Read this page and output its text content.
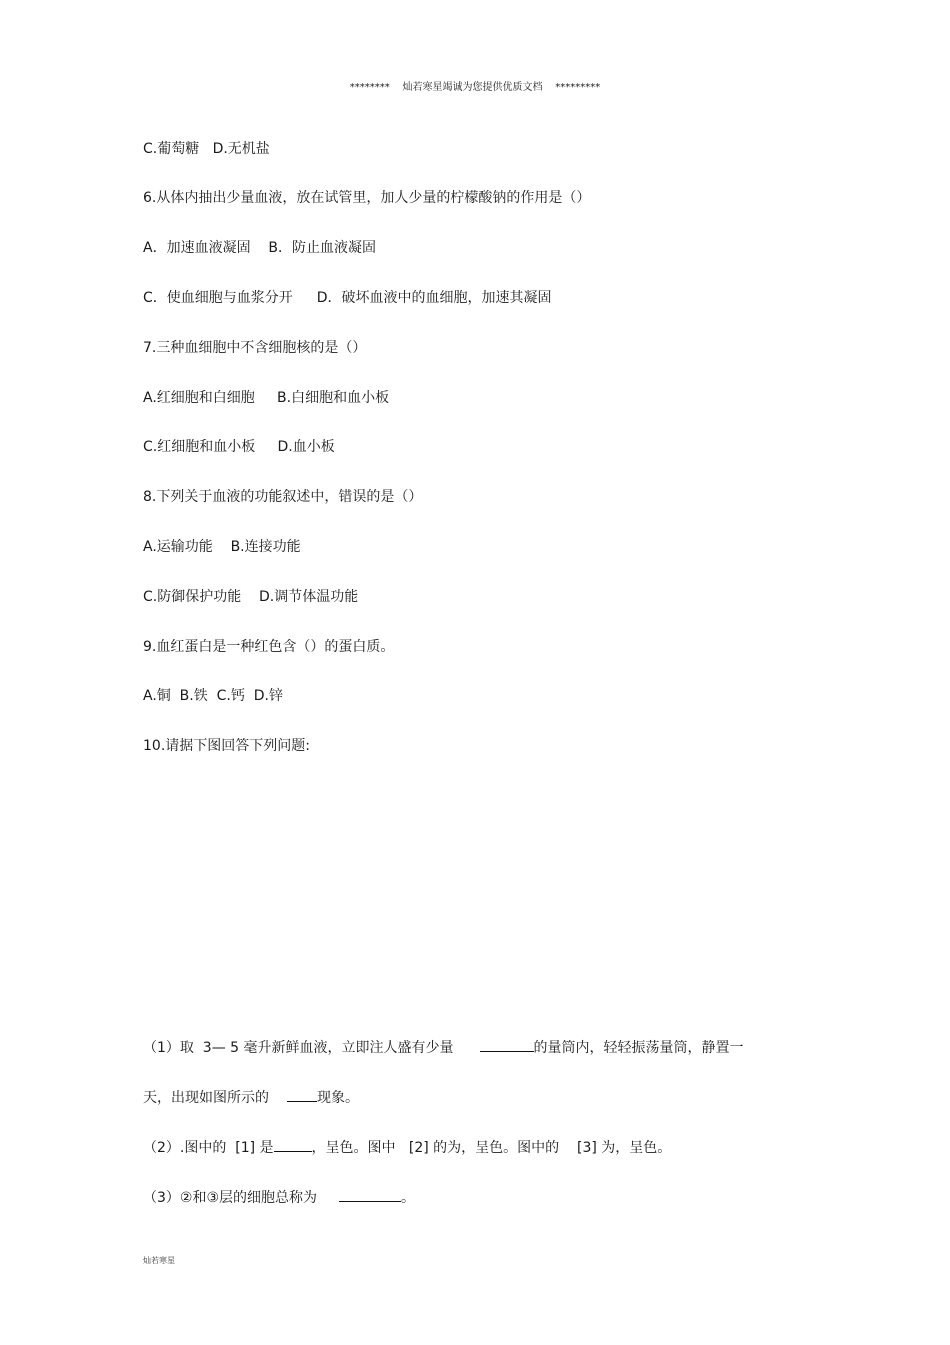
********    灿若寒星竭诚为您提供优质文档    *********
C.葡萄糖   D.无机盐
6.从体内抽出少量血液，放在试管里，加人少量的柠檬酸钠的作用是（）
A．加速血液凝固    B．防止血液凝固
C．使血细胞与血浆分开 D．破坏血液中的血细胞，加速其凝固
7.三种血细胞中不含细胞核的是（）
A.红细胞和白细胞     B.白细胞和血小板
C.红细胞和血小板     D.血小板
8.下列关于血液的功能叙述中，错误的是（）
A.运输功能    B.连接功能
C.防御保护功能    D.调节体温功能
9.血红蛋白是一种红色含（）的蛋白质。
A.铜  B.铁  C.钙  D.锌
10.请据下图回答下列问题:
（1）取  3— 5 毫升新鲜血液，立即注人盛有少量	的量筒内，轻轻振荡量筒，静置一
天，出现如图所示的	现象。
（2）.图中的  [1] 是	，呈色。图中   [2] 的为，呈色。图中的    [3] 为，呈色。
（3）②和③层的细胞总称为	。
灿若寒星
